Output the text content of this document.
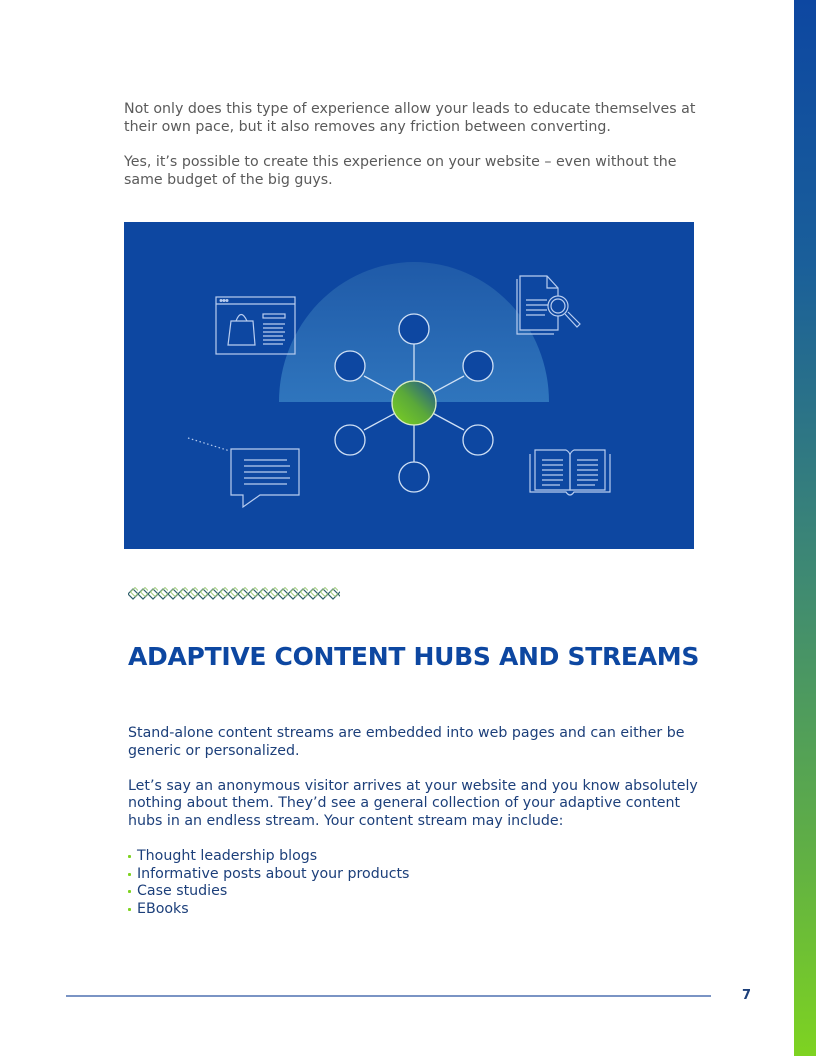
Not only does this type of experience allow your leads to educate themselves at their own pace, but it also removes any friction between converting.

Yes, it’s possible to create this experience on your website – even without the same budget of the big guys.

ADAPTIVE CONTENT HUBS AND STREAMS

Stand-alone content streams are embedded into web pages and can either be generic or personalized.

Let’s say an anonymous visitor arrives at your website and you know absolutely nothing about them. They’d see a general collection of your adaptive content hubs in an endless stream. Your content stream may include:

Thought leadership blogs
Informative posts about your products
Case studies
EBooks
7
